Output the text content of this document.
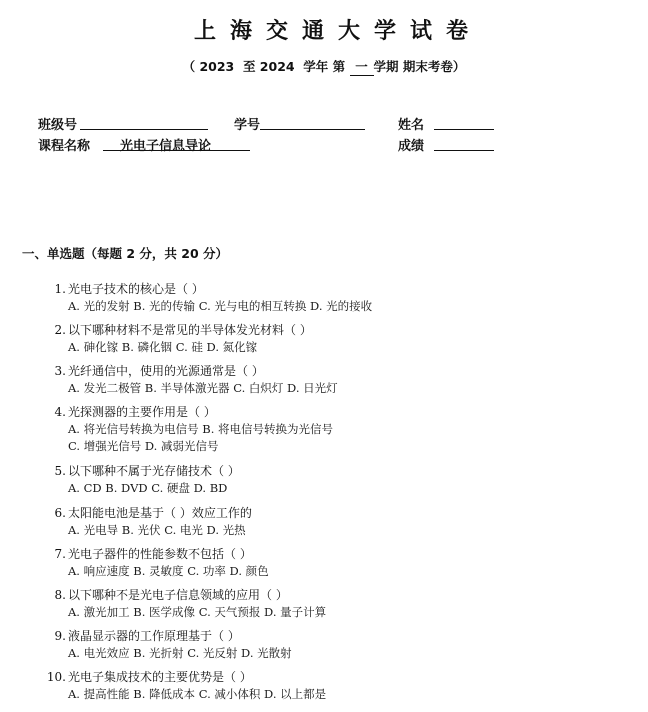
上海交通大学试卷
（ 2023  至 2024  学年 第 一 学期 期末考卷）
班级号	学号	姓名
课程名称 光电子信息导论	成绩
一、单选题（每题 2 分，共 20 分）
1. 光电子技术的核心是（ ）
A. 光的发射 B. 光的传输 C. 光与电的相互转换 D. 光的接收
2. 以下哪种材料不是常见的半导体发光材料（ ）
A. 砷化镓 B. 磷化铟 C. 硅 D. 氮化镓
3. 光纤通信中，使用的光源通常是（ ）
A. 发光二极管 B. 半导体激光器 C. 白炽灯 D. 日光灯
4. 光探测器的主要作用是（ ）
A. 将光信号转换为电信号 B. 将电信号转换为光信号
C. 增强光信号 D. 减弱光信号
5. 以下哪种不属于光存储技术（ ）
A. CD B. DVD C. 硬盘 D. BD
6. 太阳能电池是基于（ ）效应工作的
A. 光电导 B. 光伏 C. 电光 D. 光热
7. 光电子器件的性能参数不包括（ ）
A. 响应速度 B. 灵敏度 C. 功率 D. 颜色
8. 以下哪种不是光电子信息领域的应用（ ）
A. 激光加工 B. 医学成像 C. 天气预报 D. 量子计算
9. 液晶显示器的工作原理基于（ ）
A. 电光效应 B. 光折射 C. 光反射 D. 光散射
10. 光电子集成技术的主要优势是（ ）
A. 提高性能 B. 降低成本 C. 减小体积 D. 以上都是
